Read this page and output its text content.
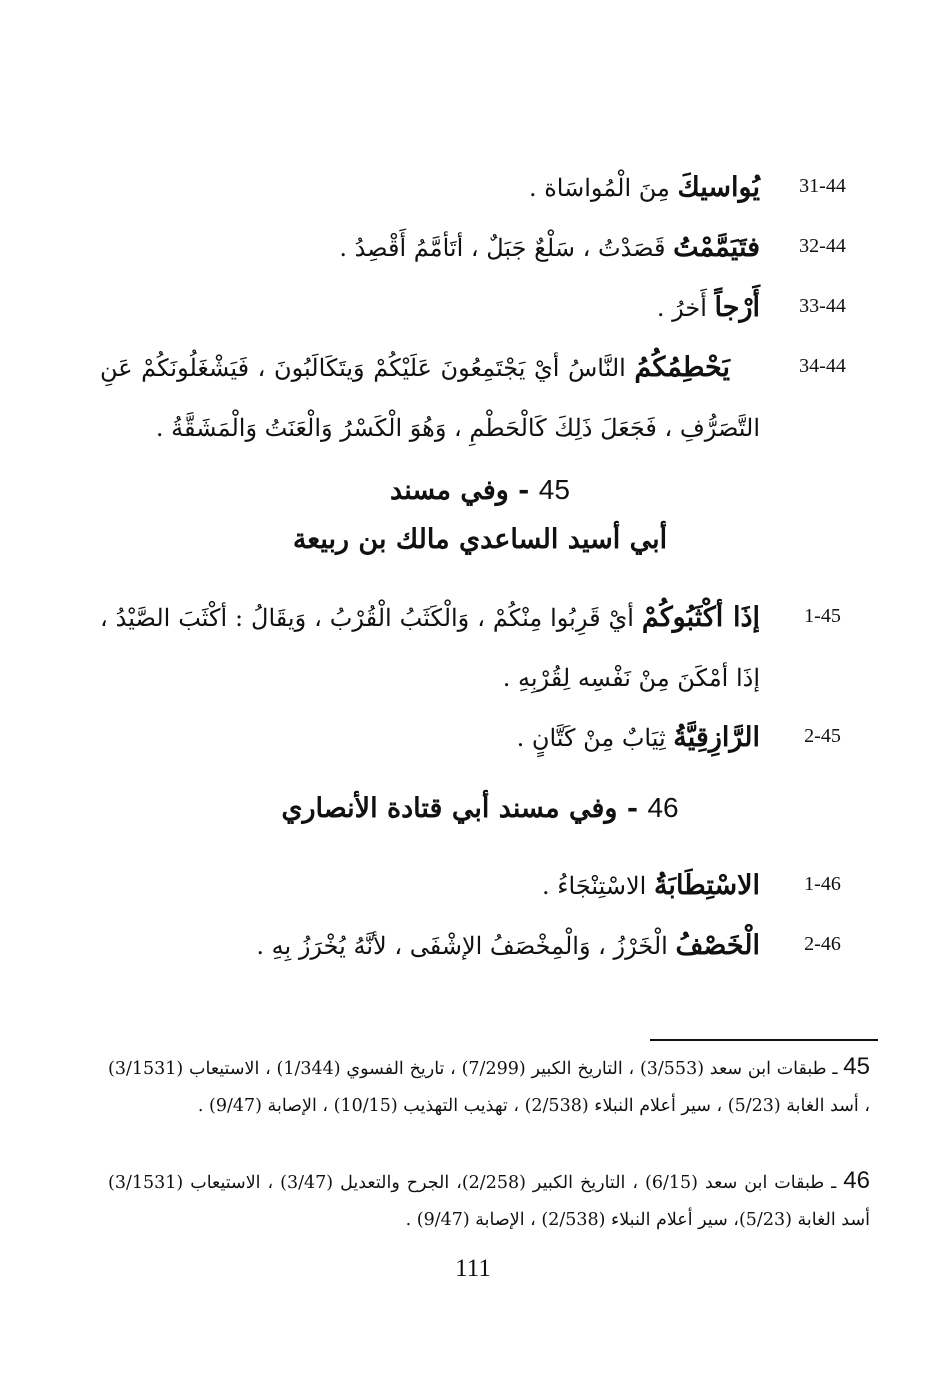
31-44
يُواسيكَ مِنَ الْمُواسَاة .
32-44
فتَيَمَّمْتُ قَصَدْتُ ، سَلْعٌ جَبَلٌ ، أتَأمَّمُ أَقْصِدُ .
33-44
أَرْجاً أَخرُ .
34-44
يَحْطِمُكُمُ النَّاسُ أيْ يَجْتَمِعُونَ عَلَيْكُمْ وَيتَكَالَبُونَ ، فَيَشْغَلُونَكُمْ عَنِ التَّصَرُّفِ ، فَجَعَلَ ذَلِكَ كَالْحَطْمِ ، وَهُوَ الْكَسْرُ وَالْعَنَتُ وَالْمَشَقَّةُ .
45 - وفي مسند
أبي أسيد الساعدي مالك بن ربيعة
1-45
إذَا أكْثَبُوكُمْ أيْ قَرِبُوا مِنْكُمْ ، وَالْكَثَبُ الْقُرْبُ ، وَيقَالُ : أكْثَبَ الصَّيْدُ ، إذَا أمْكَنَ مِنْ نَفْسِه لِقُرْبِهِ .
2-45
الرَّازِقِيَّةُ ثِيَابٌ مِنْ كَتَّانٍ .
46 - وفي مسند أبي قتادة الأنصاري
1-46
الاسْتِطَابَةُ الاسْتِنْجَاءُ .
2-46
الْخَصْفُ الْخَرْزُ ، وَالْمِخْصَفُ الإشْفَى ، لأنَّهُ يُخْرَزُ بِهِ .
45 ـ طبقات ابن سعد (3/553) ، التاريخ الكبير (7/299) ، تاريخ الفسوي (1/344) ، الاستيعاب (3/1531) ، أسد الغابة (5/23) ، سير أعلام النبلاء (2/538) ، تهذيب التهذيب (10/15) ، الإصابة (9/47) .
46 ـ طبقات ابن سعد (6/15) ، التاريخ الكبير (2/258)، الجرح والتعديل (3/47) ، الاستيعاب (3/1531) أسد الغابة (5/23)، سير أعلام النبلاء (2/538) ، الإصابة (9/47) .
111
